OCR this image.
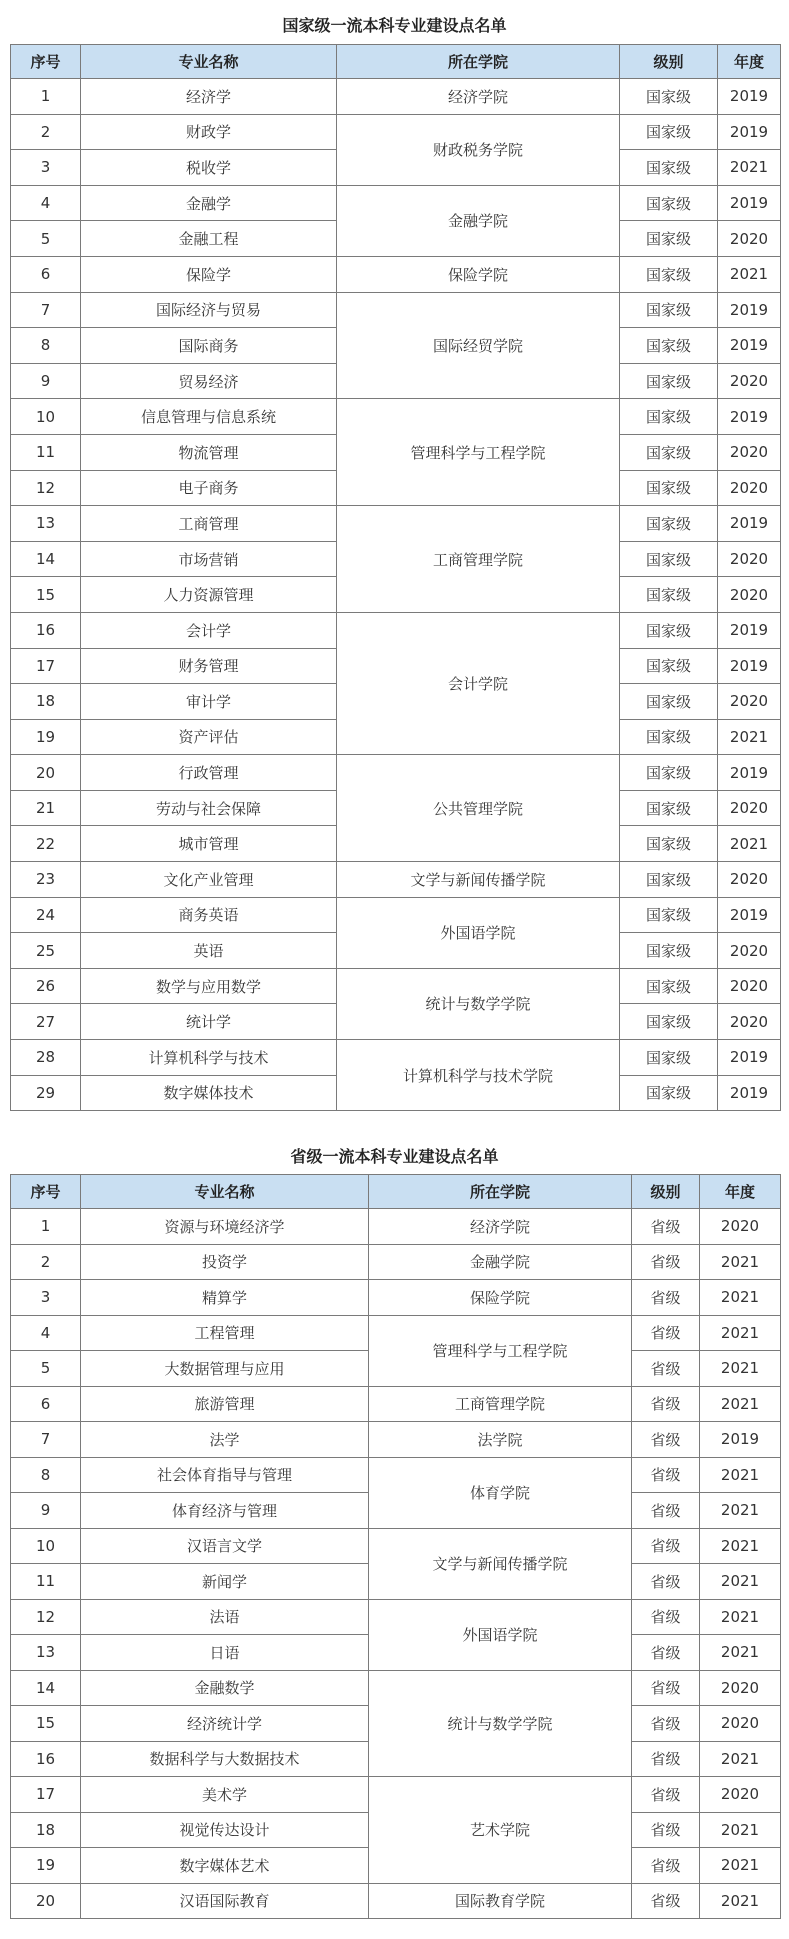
国家级一流本科专业建设点名单
序号	专业名称	所在学院	级别	年度
1	经济学	经济学院	国家级	2019
2	财政学	财政税务学院	国家级	2019
3	税收学		国家级	2021
4	金融学	金融学院	国家级	2019
5	金融工程		国家级	2020
6	保险学	保险学院	国家级	2021
7	国际经济与贸易	国际经贸学院	国家级	2019
8	国际商务		国家级	2019
9	贸易经济		国家级	2020
10	信息管理与信息系统	管理科学与工程学院	国家级	2019
11	物流管理		国家级	2020
12	电子商务		国家级	2020
13	工商管理	工商管理学院	国家级	2019
14	市场营销		国家级	2020
15	人力资源管理		国家级	2020
16	会计学	会计学院	国家级	2019
17	财务管理		国家级	2019
18	审计学		国家级	2020
19	资产评估		国家级	2021
20	行政管理	公共管理学院	国家级	2019
21	劳动与社会保障		国家级	2020
22	城市管理		国家级	2021
23	文化产业管理	文学与新闻传播学院	国家级	2020
24	商务英语	外国语学院	国家级	2019
25	英语		国家级	2020
26	数学与应用数学	统计与数学学院	国家级	2020
27	统计学		国家级	2020
28	计算机科学与技术	计算机科学与技术学院	国家级	2019
29	数字媒体技术		国家级	2019
省级一流本科专业建设点名单
序号	专业名称	所在学院	级别	年度
1	资源与环境经济学	经济学院	省级	2020
2	投资学	金融学院	省级	2021
3	精算学	保险学院	省级	2021
4	工程管理	管理科学与工程学院	省级	2021
5	大数据管理与应用		省级	2021
6	旅游管理	工商管理学院	省级	2021
7	法学	法学院	省级	2019
8	社会体育指导与管理	体育学院	省级	2021
9	体育经济与管理		省级	2021
10	汉语言文学	文学与新闻传播学院	省级	2021
11	新闻学		省级	2021
12	法语	外国语学院	省级	2021
13	日语		省级	2021
14	金融数学	统计与数学学院	省级	2020
15	经济统计学		省级	2020
16	数据科学与大数据技术		省级	2021
17	美术学	艺术学院	省级	2020
18	视觉传达设计		省级	2021
19	数字媒体艺术		省级	2021
20	汉语国际教育	国际教育学院	省级	2021
